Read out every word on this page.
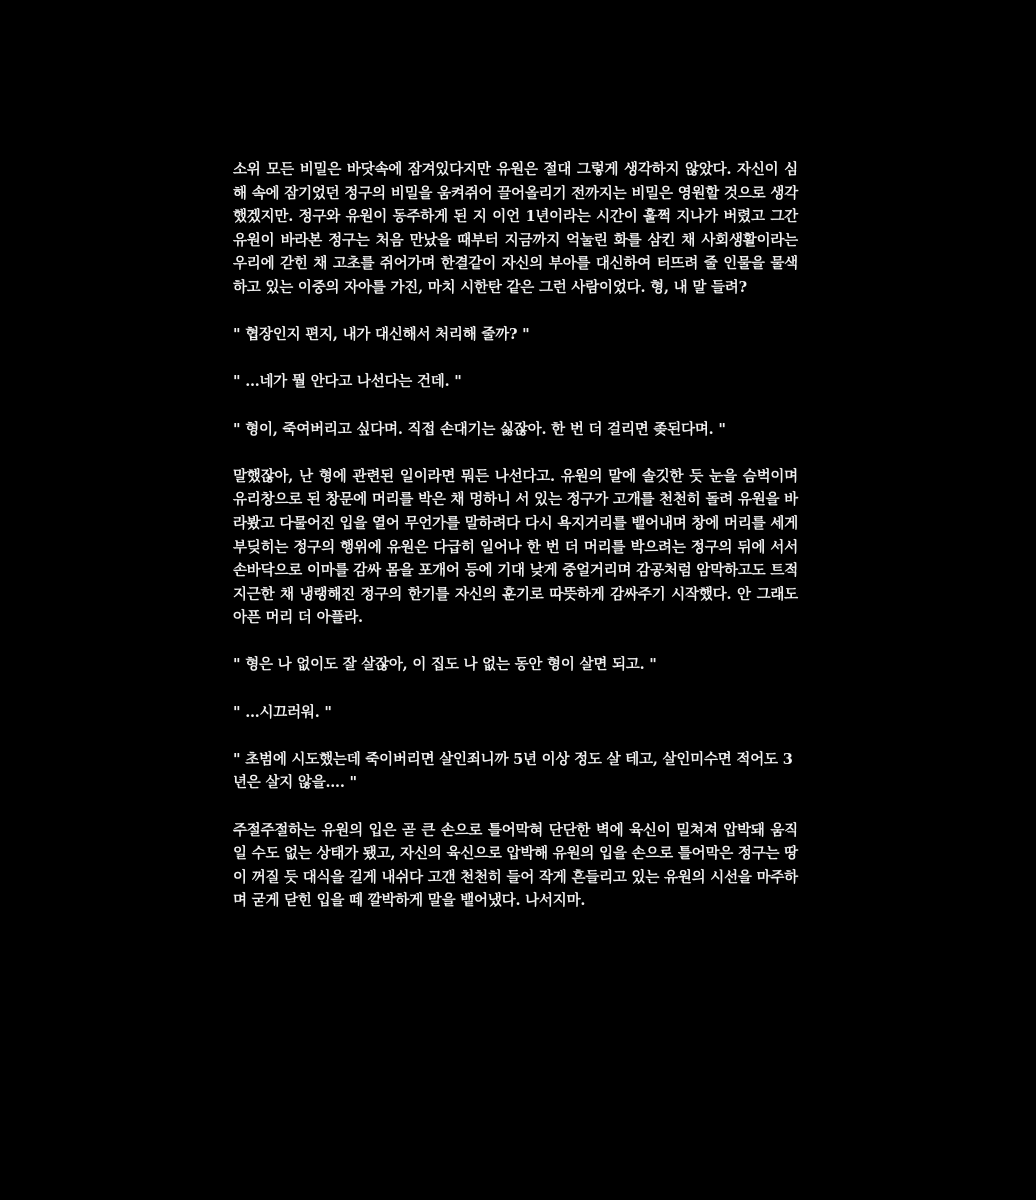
소위 모든 비밀은 바닷속에 잠겨있다지만 유원은 절대 그렇게 생각하지 않았다. 자신이 심해 속에 잠기었던 정구의 비밀을 움켜쥐어 끌어올리기 전까지는 비밀은 영원할 것으로 생각했겠지만. 정구와 유원이 동주하게 된 지 이언 1년이라는 시간이 훌쩍 지나가 버렸고 그간 유원이 바라본 정구는 처음 만났을 때부터 지금까지 억눌린 화를 삼킨 채 사회생활이라는 우리에 갇힌 채 고초를 쥐어가며 한결같이 자신의 부아를 대신하여 터뜨려 줄 인물을 물색하고 있는 이중의 자아를 가진, 마치 시한탄 같은 그런 사람이었다. 형, 내 말 들려?

" 협장인지 편지, 내가 대신해서 처리해 줄까? "

" …네가 뭘 안다고 나선다는 건데. "

" 형이, 죽여버리고 싶다며. 직접 손대기는 싫잖아. 한 번 더 걸리면 좆된다며. "

말했잖아, 난 형에 관련된 일이라면 뭐든 나선다고. 유원의 말에 솔깃한 듯 눈을 슴벅이며 유리창으로 된 창문에 머리를 박은 채 멍하니 서 있는 정구가 고개를 천천히 돌려 유원을 바라봤고 다물어진 입을 열어 무언가를 말하려다 다시 욕지거리를 뱉어내며 창에 머리를 세게 부딪히는 정구의 행위에 유원은 다급히 일어나 한 번 더 머리를 박으려는 정구의 뒤에 서서 손바닥으로 이마를 감싸 몸을 포개어 등에 기대 낮게 중얼거리며 감공처럼 암막하고도 트적지근한 채 냉랭해진 정구의 한기를 자신의 훈기로 따뜻하게 감싸주기 시작했다. 안 그래도 아픈 머리 더 아플라.

" 형은 나 없이도 잘 살잖아, 이 집도 나 없는 동안 형이 살면 되고. "

" …시끄러워. "

" 초범에 시도했는데 죽이버리면 살인죄니까 5년 이상 정도 살 테고, 살인미수면 적어도 3년은 살지 않을…. "

주절주절하는 유원의 입은 곧 큰 손으로 틀어막혀 단단한 벽에 육신이 밀쳐져 압박돼 움직일 수도 없는 상태가 됐고, 자신의 육신으로 압박해 유원의 입을 손으로 틀어막은 정구는 땅이 꺼질 듯 대식을 길게 내쉬다 고갠 천천히 들어 작게 흔들리고 있는 유원의 시선을 마주하며 굳게 닫힌 입을 떼 깔박하게 말을 뱉어냈다. 나서지마.
